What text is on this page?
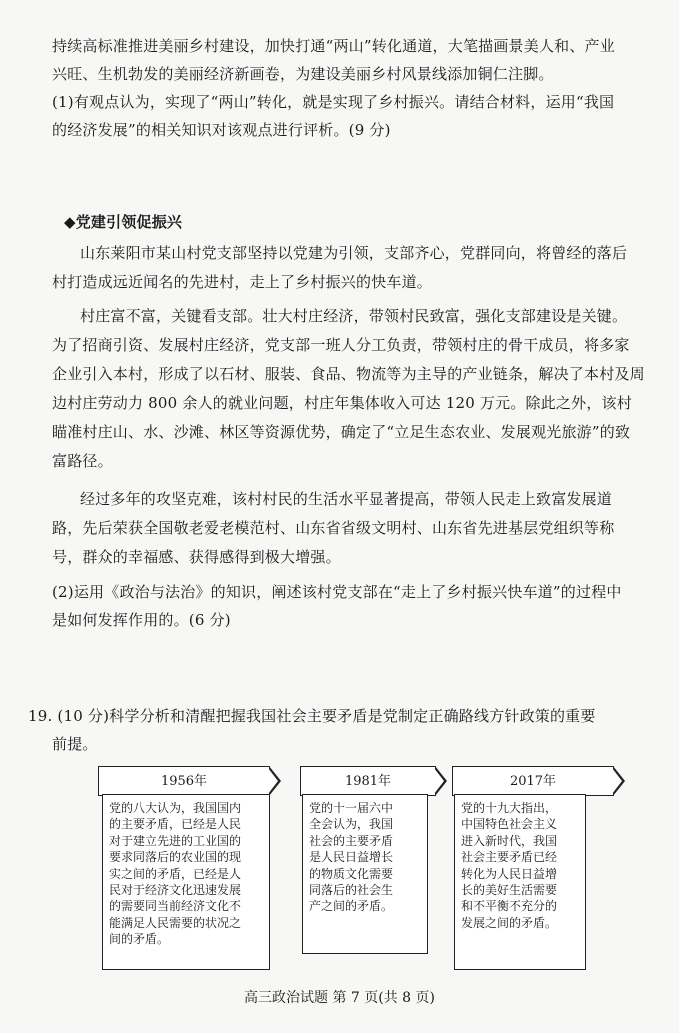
持续高标准推进美丽乡村建设，加快打通“两山”转化通道，大笔描画景美人和、产业
兴旺、生机勃发的美丽经济新画卷，为建设美丽乡村风景线添加铜仁注脚。
(1)有观点认为，实现了“两山”转化，就是实现了乡村振兴。请结合材料，运用“我国
的经济发展”的相关知识对该观点进行评析。(9 分)
◆党建引领促振兴
山东莱阳市某山村党支部坚持以党建为引领，支部齐心，党群同向，将曾经的落后
村打造成远近闻名的先进村，走上了乡村振兴的快车道。
村庄富不富，关键看支部。壮大村庄经济，带领村民致富，强化支部建设是关键。
为了招商引资、发展村庄经济，党支部一班人分工负责，带领村庄的骨干成员，将多家
企业引入本村，形成了以石材、服装、食品、物流等为主导的产业链条，解决了本村及周
边村庄劳动力 800 余人的就业问题，村庄年集体收入可达 120 万元。除此之外，该村
瞄准村庄山、水、沙滩、林区等资源优势，确定了“立足生态农业、发展观光旅游”的致
富路径。
经过多年的攻坚克难，该村村民的生活水平显著提高，带领人民走上致富发展道
路，先后荣获全国敬老爱老模范村、山东省省级文明村、山东省先进基层党组织等称
号，群众的幸福感、获得感得到极大增强。
(2)运用《政治与法治》的知识，阐述该村党支部在“走上了乡村振兴快车道”的过程中
是如何发挥作用的。(6 分)
19. (10 分)科学分析和清醒把握我国社会主要矛盾是党制定正确路线方针政策的重要
前提。
1956年
党的八大认为，我国国内
的主要矛盾，已经是人民
对于建立先进的工业国的
要求同落后的农业国的现
实之间的矛盾，已经是人
民对于经济文化迅速发展
的需要同当前经济文化不
能满足人民需要的状况之
间的矛盾。
1981年
党的十一届六中
全会认为，我国
社会的主要矛盾
是人民日益增长
的物质文化需要
同落后的社会生
产之间的矛盾。
2017年
党的十九大指出，
中国特色社会主义
进入新时代，我国
社会主要矛盾已经
转化为人民日益增
长的美好生活需要
和不平衡不充分的
发展之间的矛盾。
高三政治试题 第 7 页(共 8 页)
